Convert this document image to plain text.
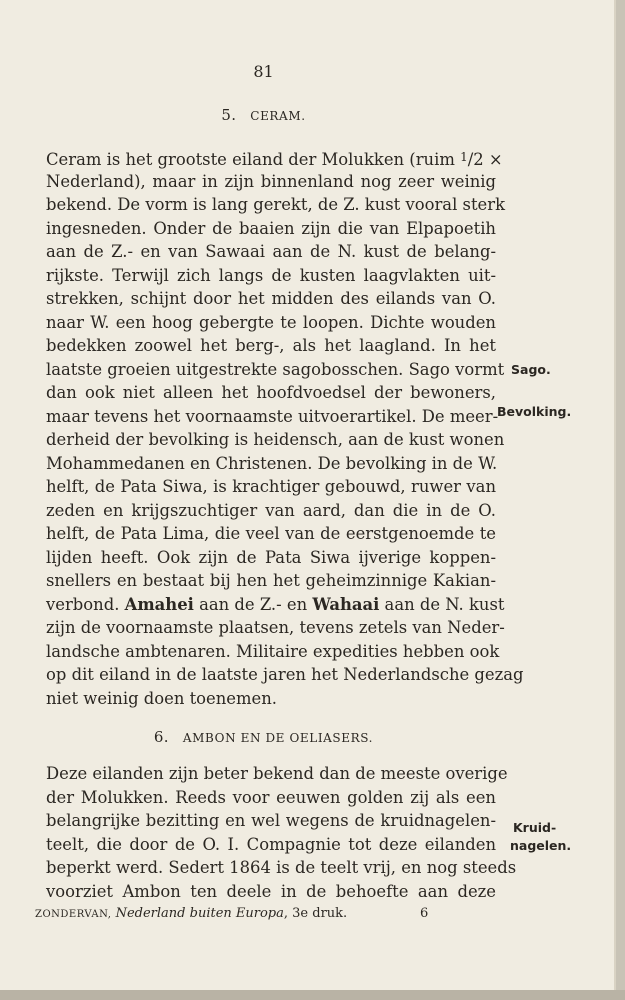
81
5. CERAM.
Ceram is het grootste eiland der Molukken (ruim $^1$/2 ×
Nederland), maar in zijn binnenland nog zeer weinig
bekend. De vorm is lang gerekt, de Z. kust vooral sterk
ingesneden. Onder de baaien zijn die van Elpapoetih
aan de Z.- en van Sawaai aan de N. kust de belang-
rijkste. Terwijl zich langs de kusten laagvlakten uit-
strekken, schijnt door het midden des eilands van O.
naar W. een hoog gebergte te loopen. Dichte wouden
bedekken zoowel het berg-, als het laagland. In het
laatste groeien uitgestrekte sagobosschen. Sago vormt
dan ook niet alleen het hoofdvoedsel der bewoners,
maar tevens het voornaamste uitvoerartikel. De meer-
derheid der bevolking is heidensch, aan de kust wonen
Mohammedanen en Christenen. De bevolking in de W.
helft, de Pata Siwa, is krachtiger gebouwd, ruwer van
zeden en krijgszuchtiger van aard, dan die in de O.
helft, de Pata Lima, die veel van de eerstgenoemde te
lijden heeft. Ook zijn de Pata Siwa ijverige koppen-
snellers en bestaat bij hen het geheimzinnige Kakian-
verbond. Amahei aan de Z.- en Wahaai aan de N. kust
zijn de voornaamste plaatsen, tevens zetels van Neder-
landsche ambtenaren. Militaire expedities hebben ook
op dit eiland in de laatste jaren het Nederlandsche gezag
niet weinig doen toenemen.
6. AMBON EN DE OELIASERS.
Deze eilanden zijn beter bekend dan de meeste overige
der Molukken. Reeds voor eeuwen golden zij als een
belangrijke bezitting en wel wegens de kruidnagelen-
teelt, die door de O. I. Compagnie tot deze eilanden
beperkt werd. Sedert 1864 is de teelt vrij, en nog steeds
voorziet Ambon ten deele in de behoefte aan deze
Sago.
Bevolking.
Kruid-
nagelen.
ZONDERVAN, Nederland buiten Europa, 3e druk.	6
